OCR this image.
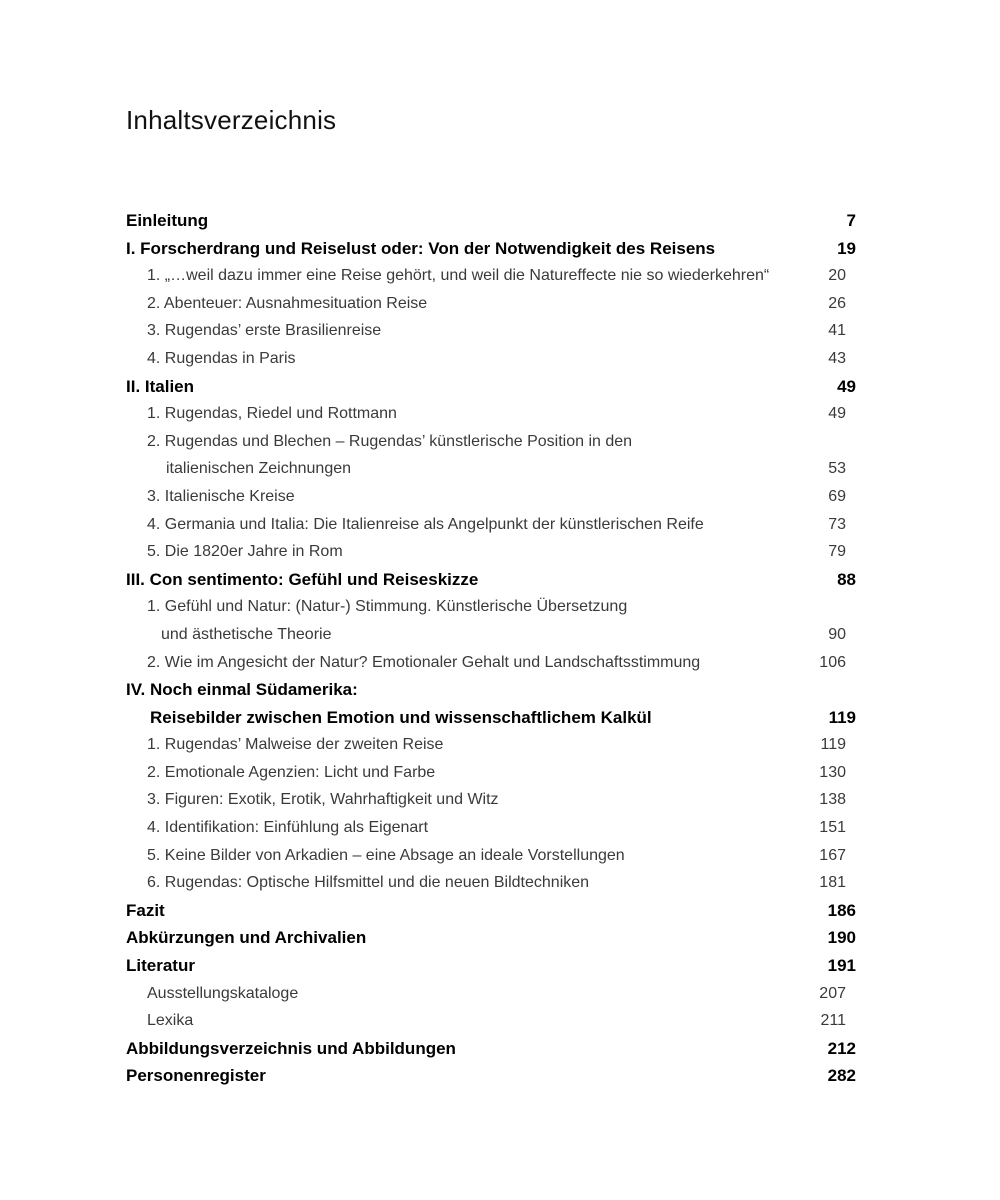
Inhaltsverzeichnis
Einleitung	7
I. Forscherdrang und Reiselust oder: Von der Notwendigkeit des Reisens	19
1. „…weil dazu immer eine Reise gehört, und weil die Natureffecte nie so wiederkehren“	20
2. Abenteuer: Ausnahmesituation Reise	26
3. Rugendas’ erste Brasilienreise	41
4. Rugendas in Paris	43
II. Italien	49
1. Rugendas, Riedel und Rottmann	49
2. Rugendas und Blechen – Rugendas’ künstlerische Position in den
italienischen Zeichnungen	53
3. Italienische Kreise	69
4. Germania und Italia: Die Italienreise als Angelpunkt der künstlerischen Reife	73
5. Die 1820er Jahre in Rom	79
III. Con sentimento: Gefühl und Reiseskizze	88
1. Gefühl und Natur: (Natur-) Stimmung. Künstlerische Übersetzung
und ästhetische Theorie	90
2. Wie im Angesicht der Natur? Emotionaler Gehalt und Landschaftsstimmung	106
IV. Noch einmal Südamerika:
Reisebilder zwischen Emotion und wissenschaftlichem Kalkül	119
1. Rugendas’ Malweise der zweiten Reise	119
2. Emotionale Agenzien: Licht und Farbe	130
3. Figuren: Exotik, Erotik, Wahrhaftigkeit und Witz	138
4. Identifikation: Einfühlung als Eigenart	151
5. Keine Bilder von Arkadien – eine Absage an ideale Vorstellungen	167
6. Rugendas: Optische Hilfsmittel und die neuen Bildtechniken	181
Fazit	186
Abkürzungen und Archivalien	190
Literatur	191
Ausstellungskataloge	207
Lexika	211
Abbildungsverzeichnis und Abbildungen	212
Personenregister	282
